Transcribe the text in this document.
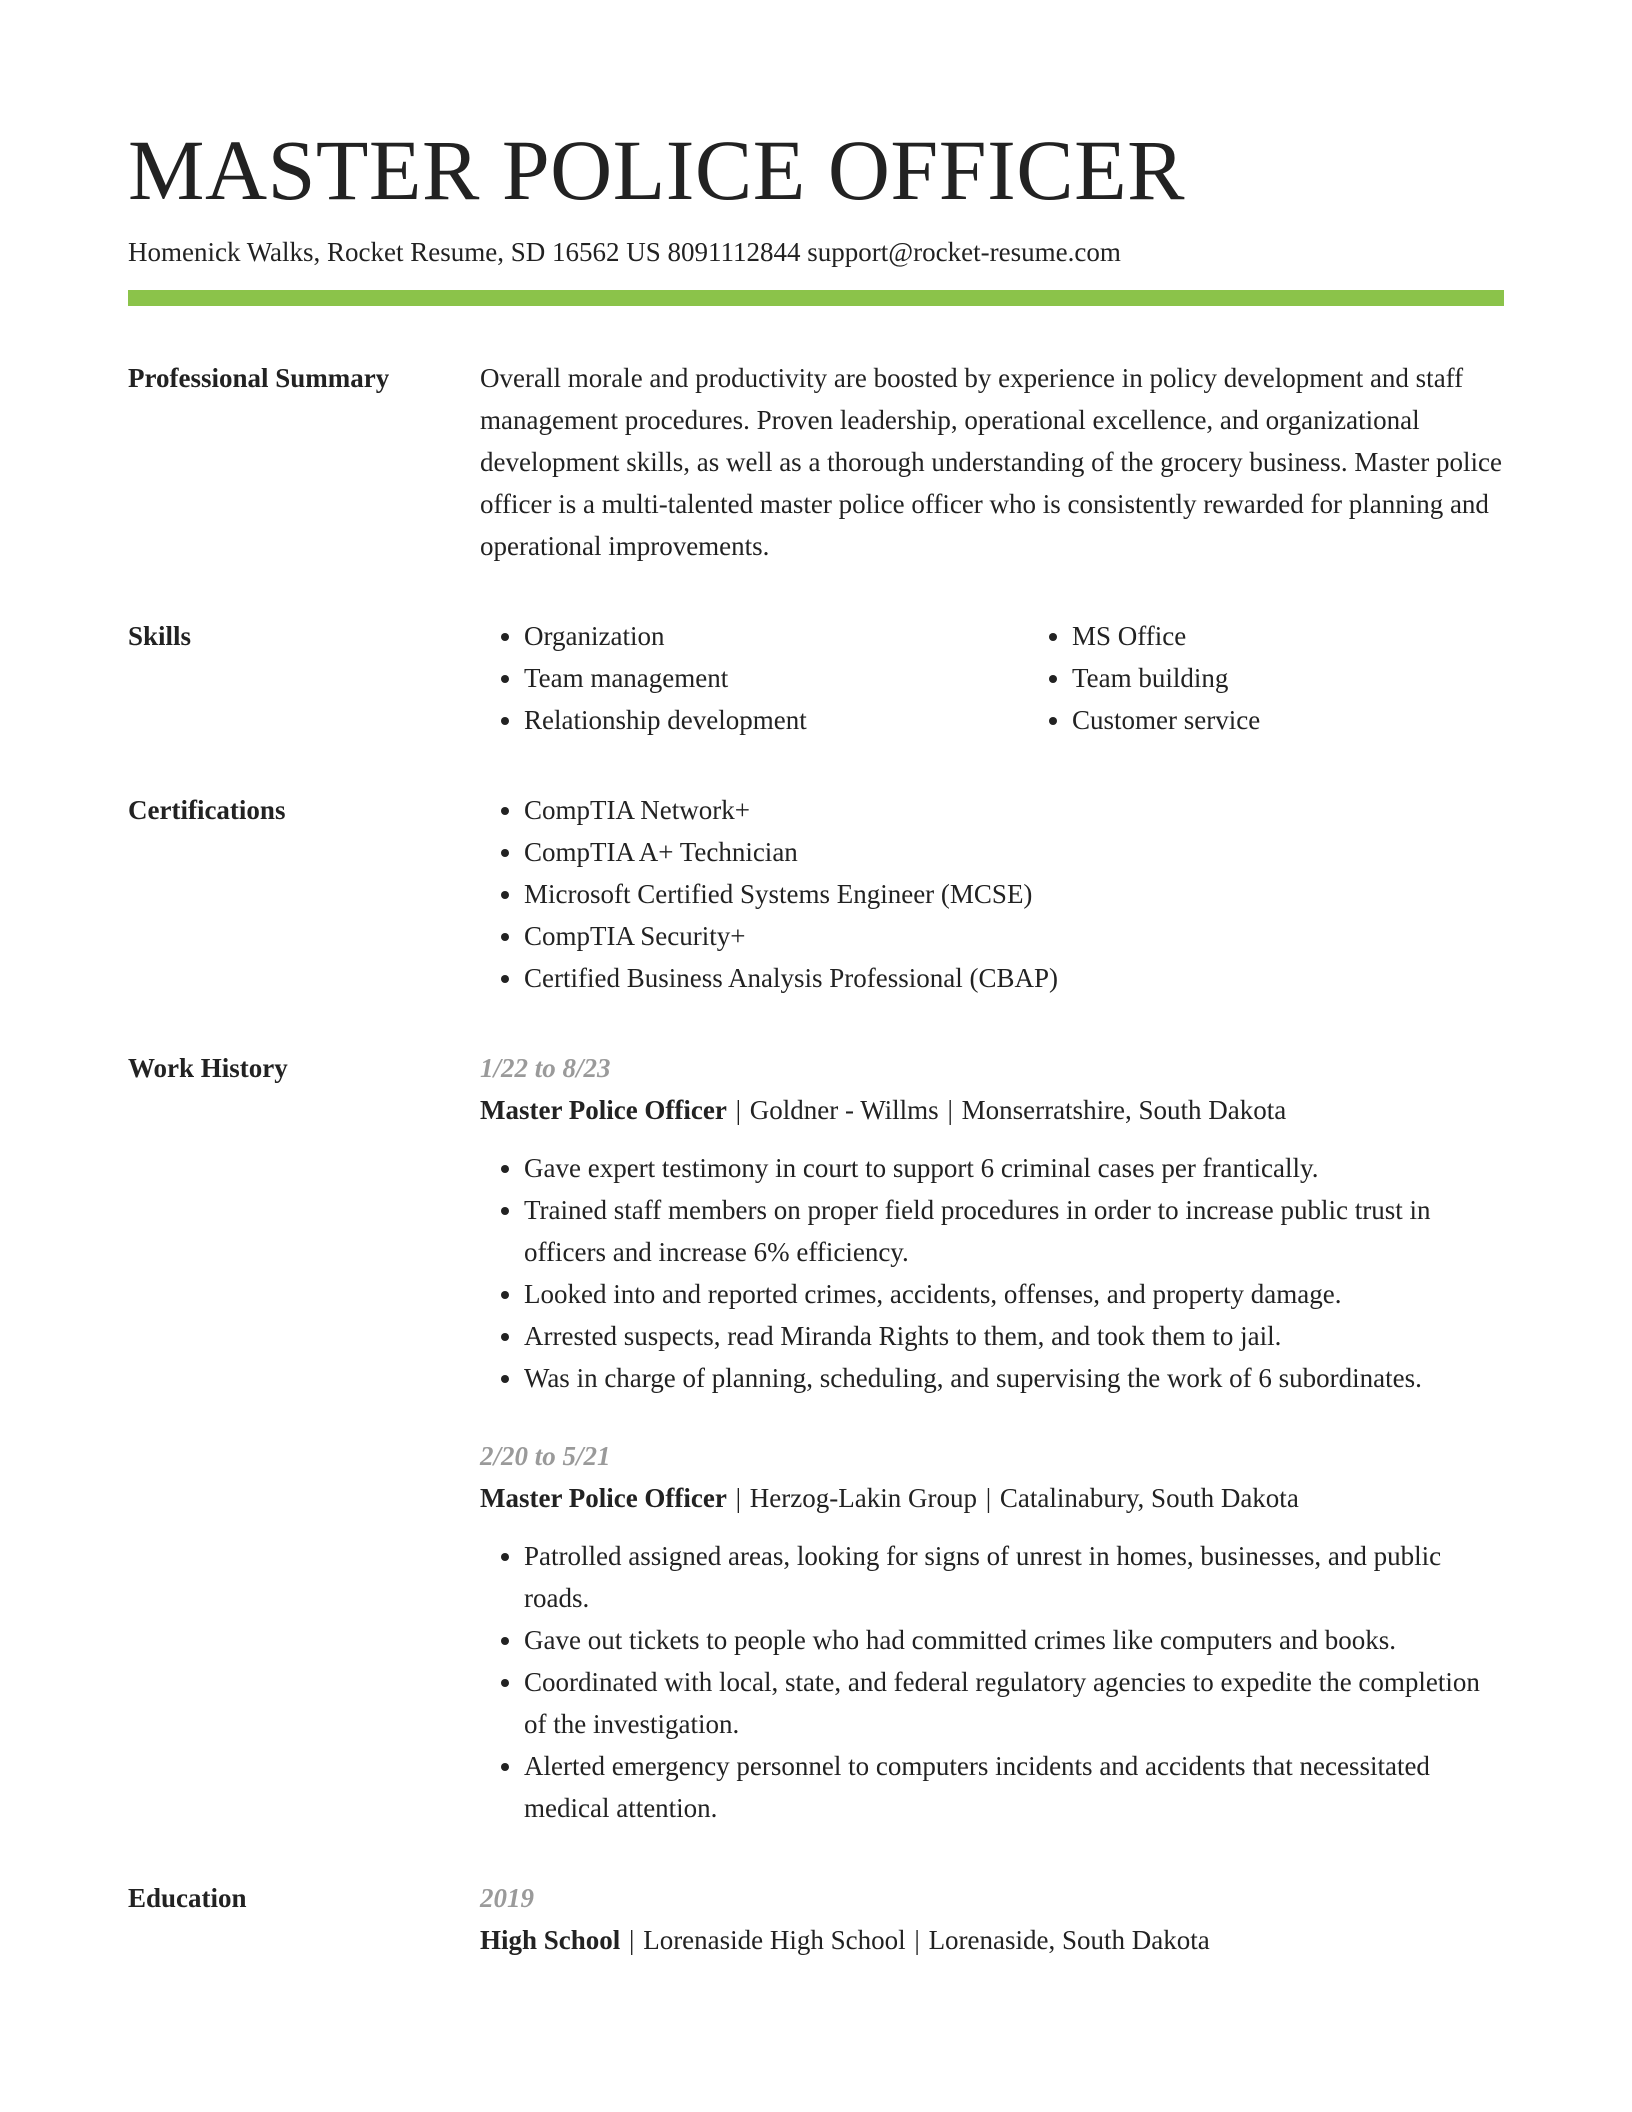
MASTER POLICE OFFICER
Homenick Walks, Rocket Resume, SD 16562 US 8091112844 support@rocket-resume.com
Professional Summary	Overall morale and productivity are boosted by experience in policy development and staff management procedures. Proven leadership, operational excellence, and organizational development skills, as well as a thorough understanding of the grocery business. Master police officer is a multi-talented master police officer who is consistently rewarded for planning and operational improvements.

Skills	• Organization
• Team management
• Relationship development
• MS Office
• Team building
• Customer service
Certifications	• CompTIA Network+
• CompTIA A+ Technician
• Microsoft Certified Systems Engineer (MCSE)
• CompTIA Security+
• Certified Business Analysis Professional (CBAP)
Work History	1/22 to 8/23
Master Police Officer | Goldner - Willms | Monserratshire, South Dakota
• Gave expert testimony in court to support 6 criminal cases per frantically.
• Trained staff members on proper field procedures in order to increase public trust in officers and increase 6% efficiency.
• Looked into and reported crimes, accidents, offenses, and property damage.
• Arrested suspects, read Miranda Rights to them, and took them to jail.
• Was in charge of planning, scheduling, and supervising the work of 6 subordinates.
2/20 to 5/21
Master Police Officer | Herzog-Lakin Group | Catalinabury, South Dakota
• Patrolled assigned areas, looking for signs of unrest in homes, businesses, and public roads.
• Gave out tickets to people who had committed crimes like computers and books.
• Coordinated with local, state, and federal regulatory agencies to expedite the completion of the investigation.
• Alerted emergency personnel to computers incidents and accidents that necessitated medical attention.
Education	2019
High School | Lorenaside High School | Lorenaside, South Dakota
